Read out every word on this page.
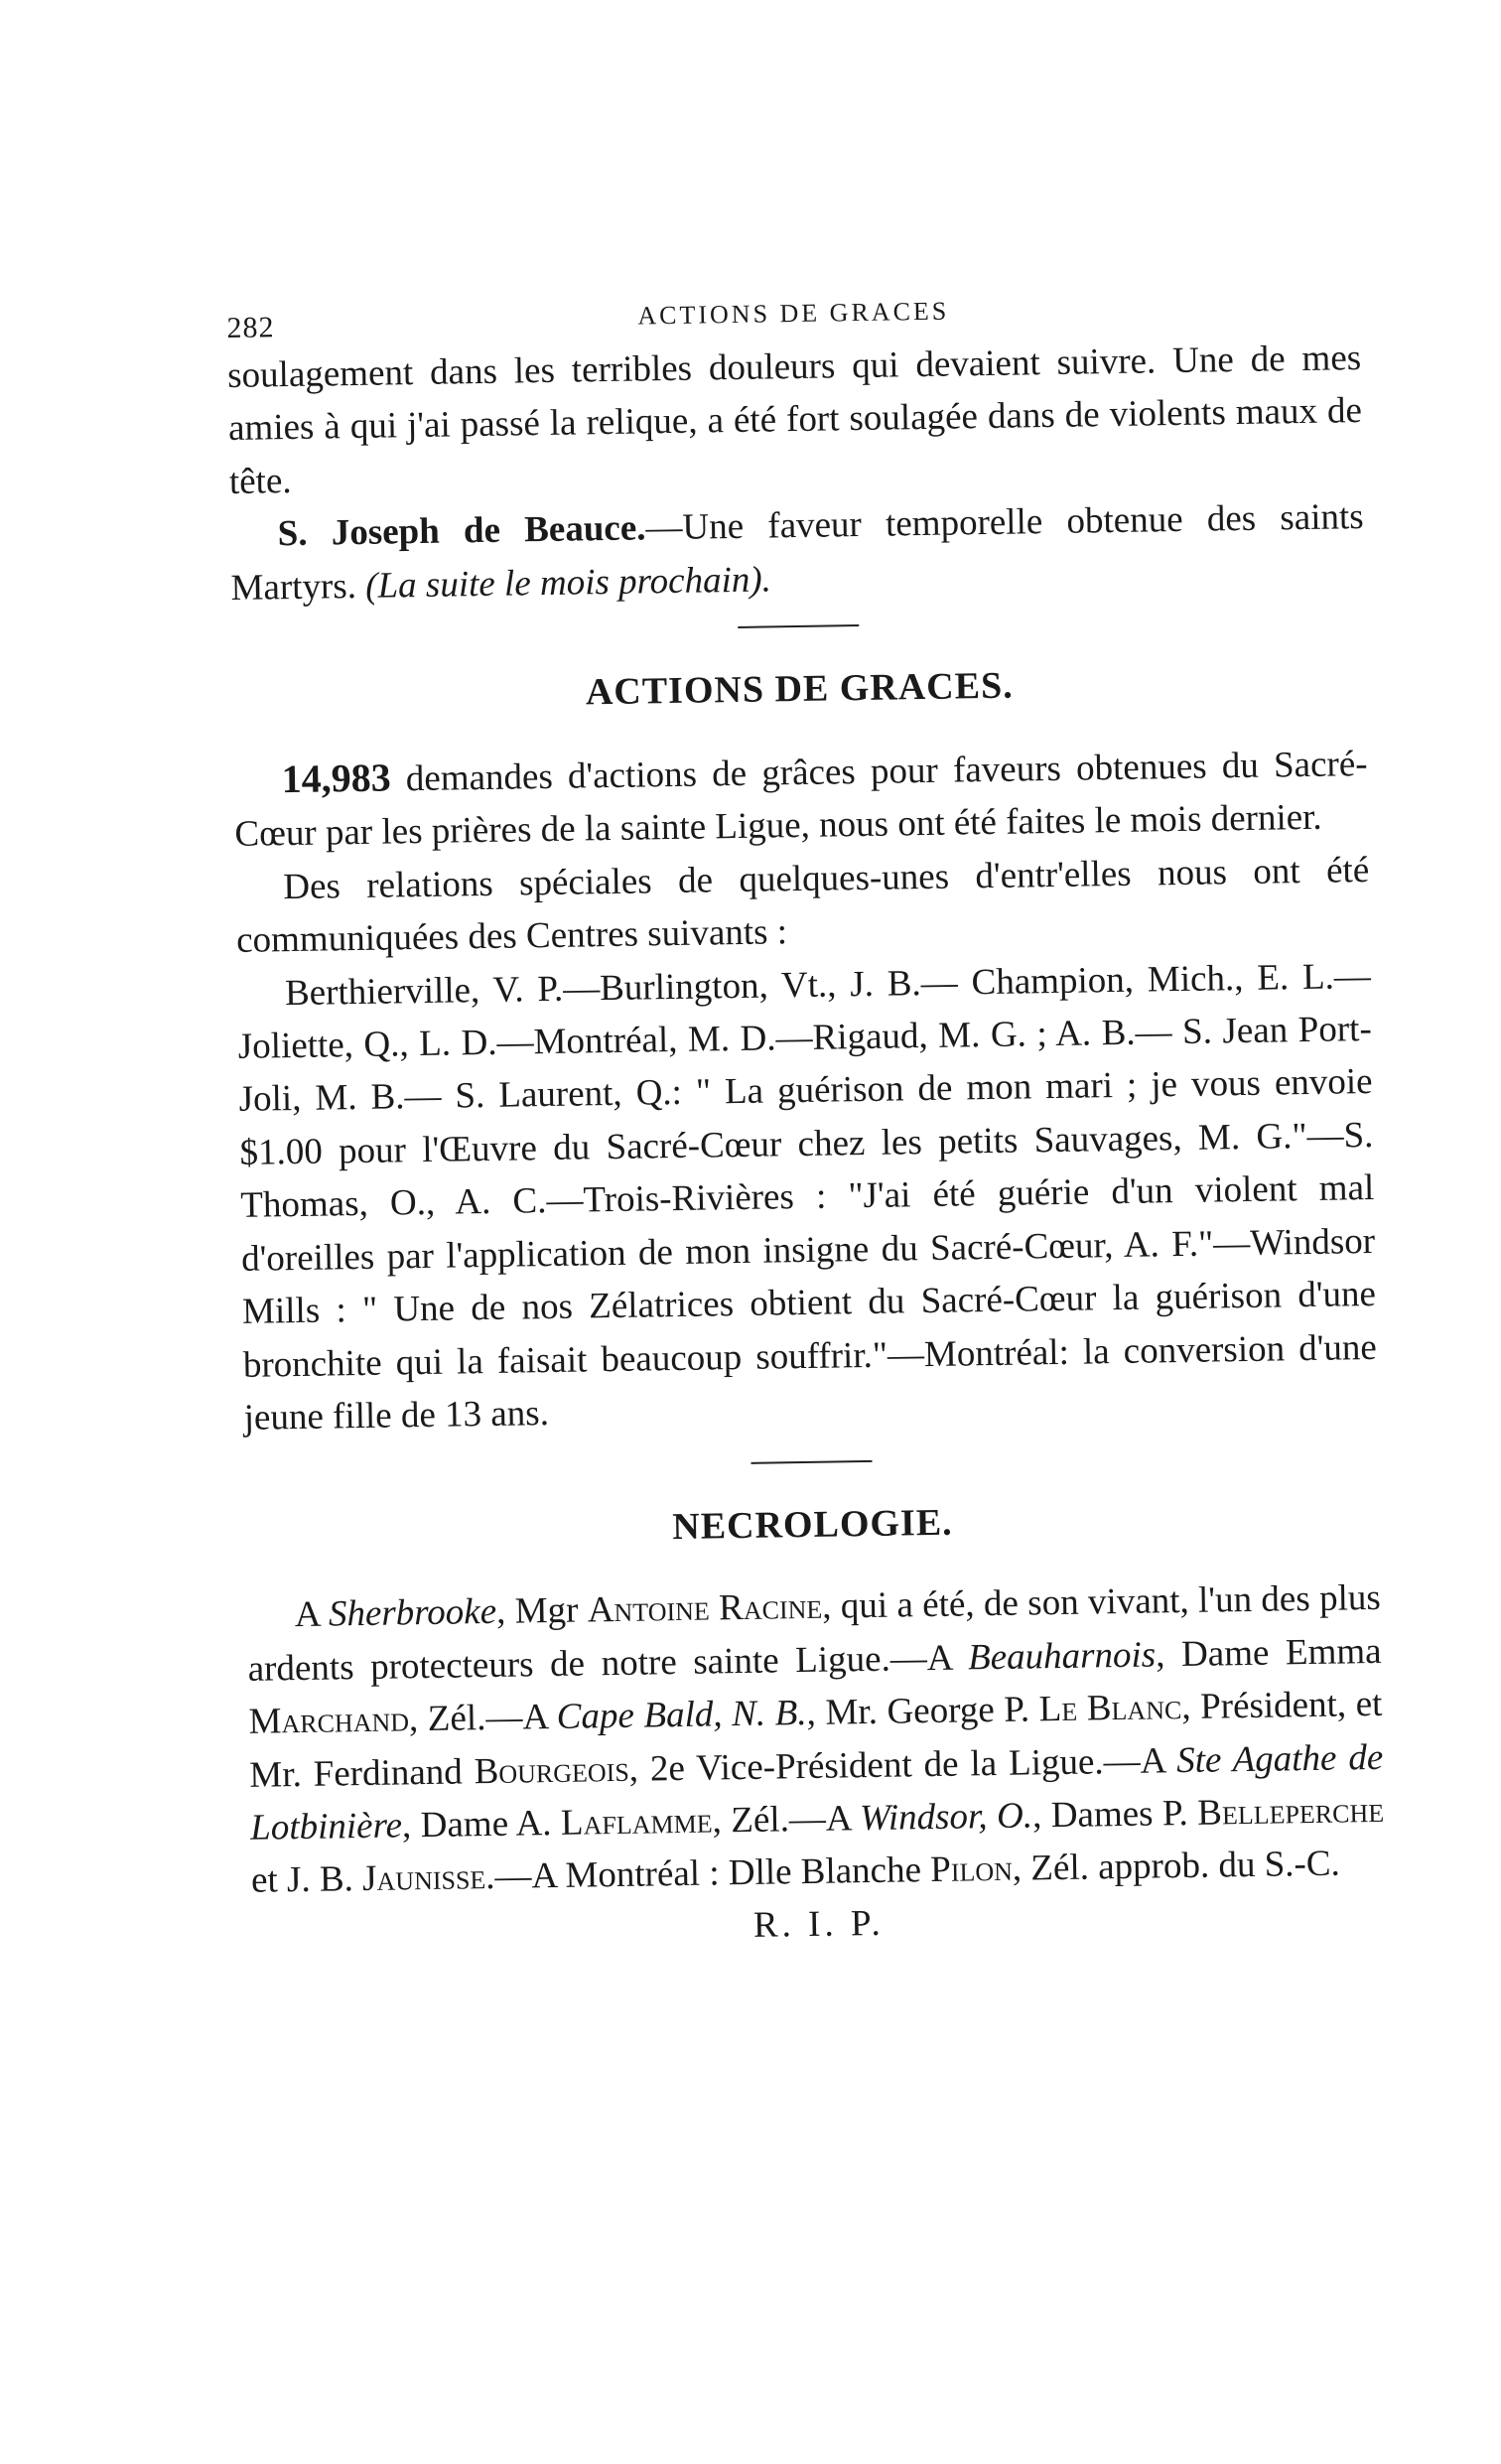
282	ACTIONS DE GRACES

soulagement dans les terribles douleurs qui devaient suivre. Une de mes amies à qui j'ai passé la relique, a été fort soulagée dans de violents maux de tête.

S. Joseph de Beauce.—Une faveur temporelle obtenue des saints Martyrs. (La suite le mois prochain).

ACTIONS DE GRACES.

14,983 demandes d'actions de grâces pour faveurs obtenues du Sacré-Cœur par les prières de la sainte Ligue, nous ont été faites le mois dernier.

Des relations spéciales de quelques-unes d'entr'elles nous ont été communiquées des Centres suivants :

Berthierville, V. P.—Burlington, Vt., J. B.— Champion, Mich., E. L.— Joliette, Q., L. D.—Montréal, M. D.—Rigaud, M. G. ; A. B.— S. Jean Port-Joli, M. B.— S. Laurent, Q.: " La guérison de mon mari ; je vous envoie $1.00 pour l'Œuvre du Sacré-Cœur chez les petits Sauvages, M. G."—S. Thomas, O., A. C.—Trois-Rivières : "J'ai été guérie d'un violent mal d'oreilles par l'application de mon insigne du Sacré-Cœur, A. F."—Windsor Mills : " Une de nos Zélatrices obtient du Sacré-Cœur la guérison d'une bronchite qui la faisait beaucoup souffrir."—Montréal: la conversion d'une jeune fille de 13 ans.

NECROLOGIE.

A Sherbrooke, Mgr Antoine Racine, qui a été, de son vivant, l'un des plus ardents protecteurs de notre sainte Ligue.—A Beauharnois, Dame Emma Marchand, Zél.—A Cape Bald, N. B., Mr. George P. Le Blanc, Président, et Mr. Ferdinand Bourgeois, 2e Vice-Président de la Ligue.—A Ste Agathe de Lotbinière, Dame A. Laflamme, Zél.—A Windsor, O., Dames P. Belleperche et J. B. Jaunisse.—A Montréal : Dlle Blanche Pilon, Zél. approb. du S.-C.

R. I. P.
